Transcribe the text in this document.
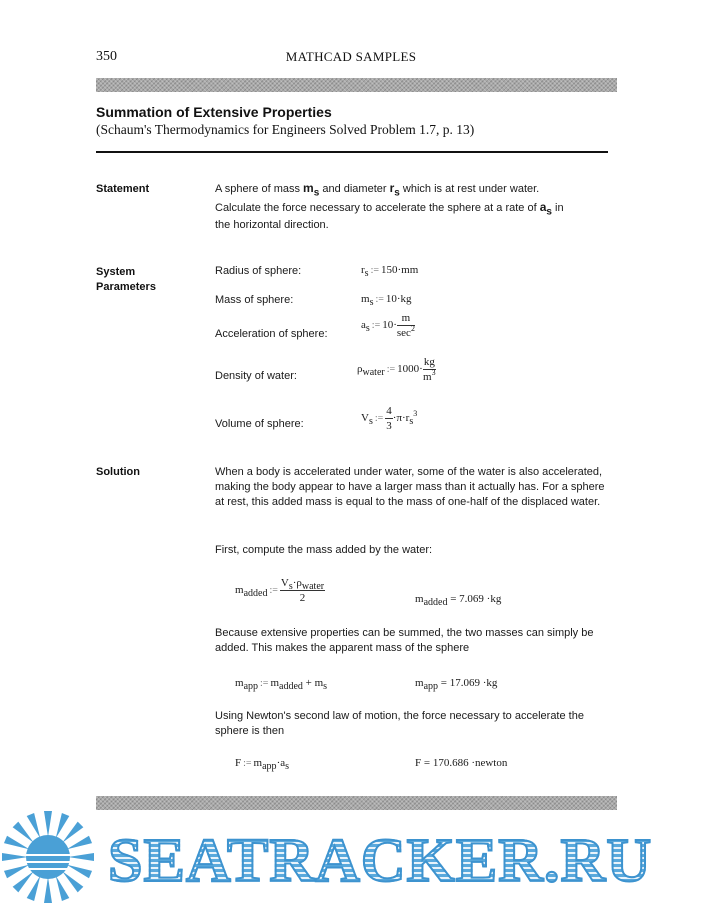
350	MATHCAD SAMPLES
Summation of Extensive Properties
(Schaum's Thermodynamics for Engineers Solved Problem 1.7, p. 13)
Statement	A sphere of mass $m_s$ and diameter $r_s$ which is at rest under water.
Calculate the force necessary to accelerate the sphere at a rate of $a_s$ in
the horizontal direction.
System
Parameters
Radius of sphere:	rs := 150·mm
Mass of sphere:	ms := 10·kg
Acceleration of sphere:
as := $10\cdot \frac{m}{\sec^2}$
Density of water:
ρwater := $1000\cdot \frac{kg}{m^3}$
Volume of sphere:	Vs := $\frac{4}{3} \cdot\pi\cdot rs^3$
Solution	When a body is accelerated under water, some of the water is also accelerated, making the body appear to have a larger mass than it actually has. For a sphere at rest, this added mass is equal to the mass of one-half of the displaced water.
First, compute the mass added by the water:
madded := $\frac{\text{Vs·ρwater}}{2}$	madded = 7.069 ·kg
Because extensive properties can be summed, the two masses can simply be added. This makes the apparent mass of the sphere
mapp := madded + ms	mapp = 17.069 ·kg
Using Newton's second law of motion, the force necessary to accelerate the sphere is then
F := mapp·as	F = 170.686 ·newton
SEATRACKER.RU
